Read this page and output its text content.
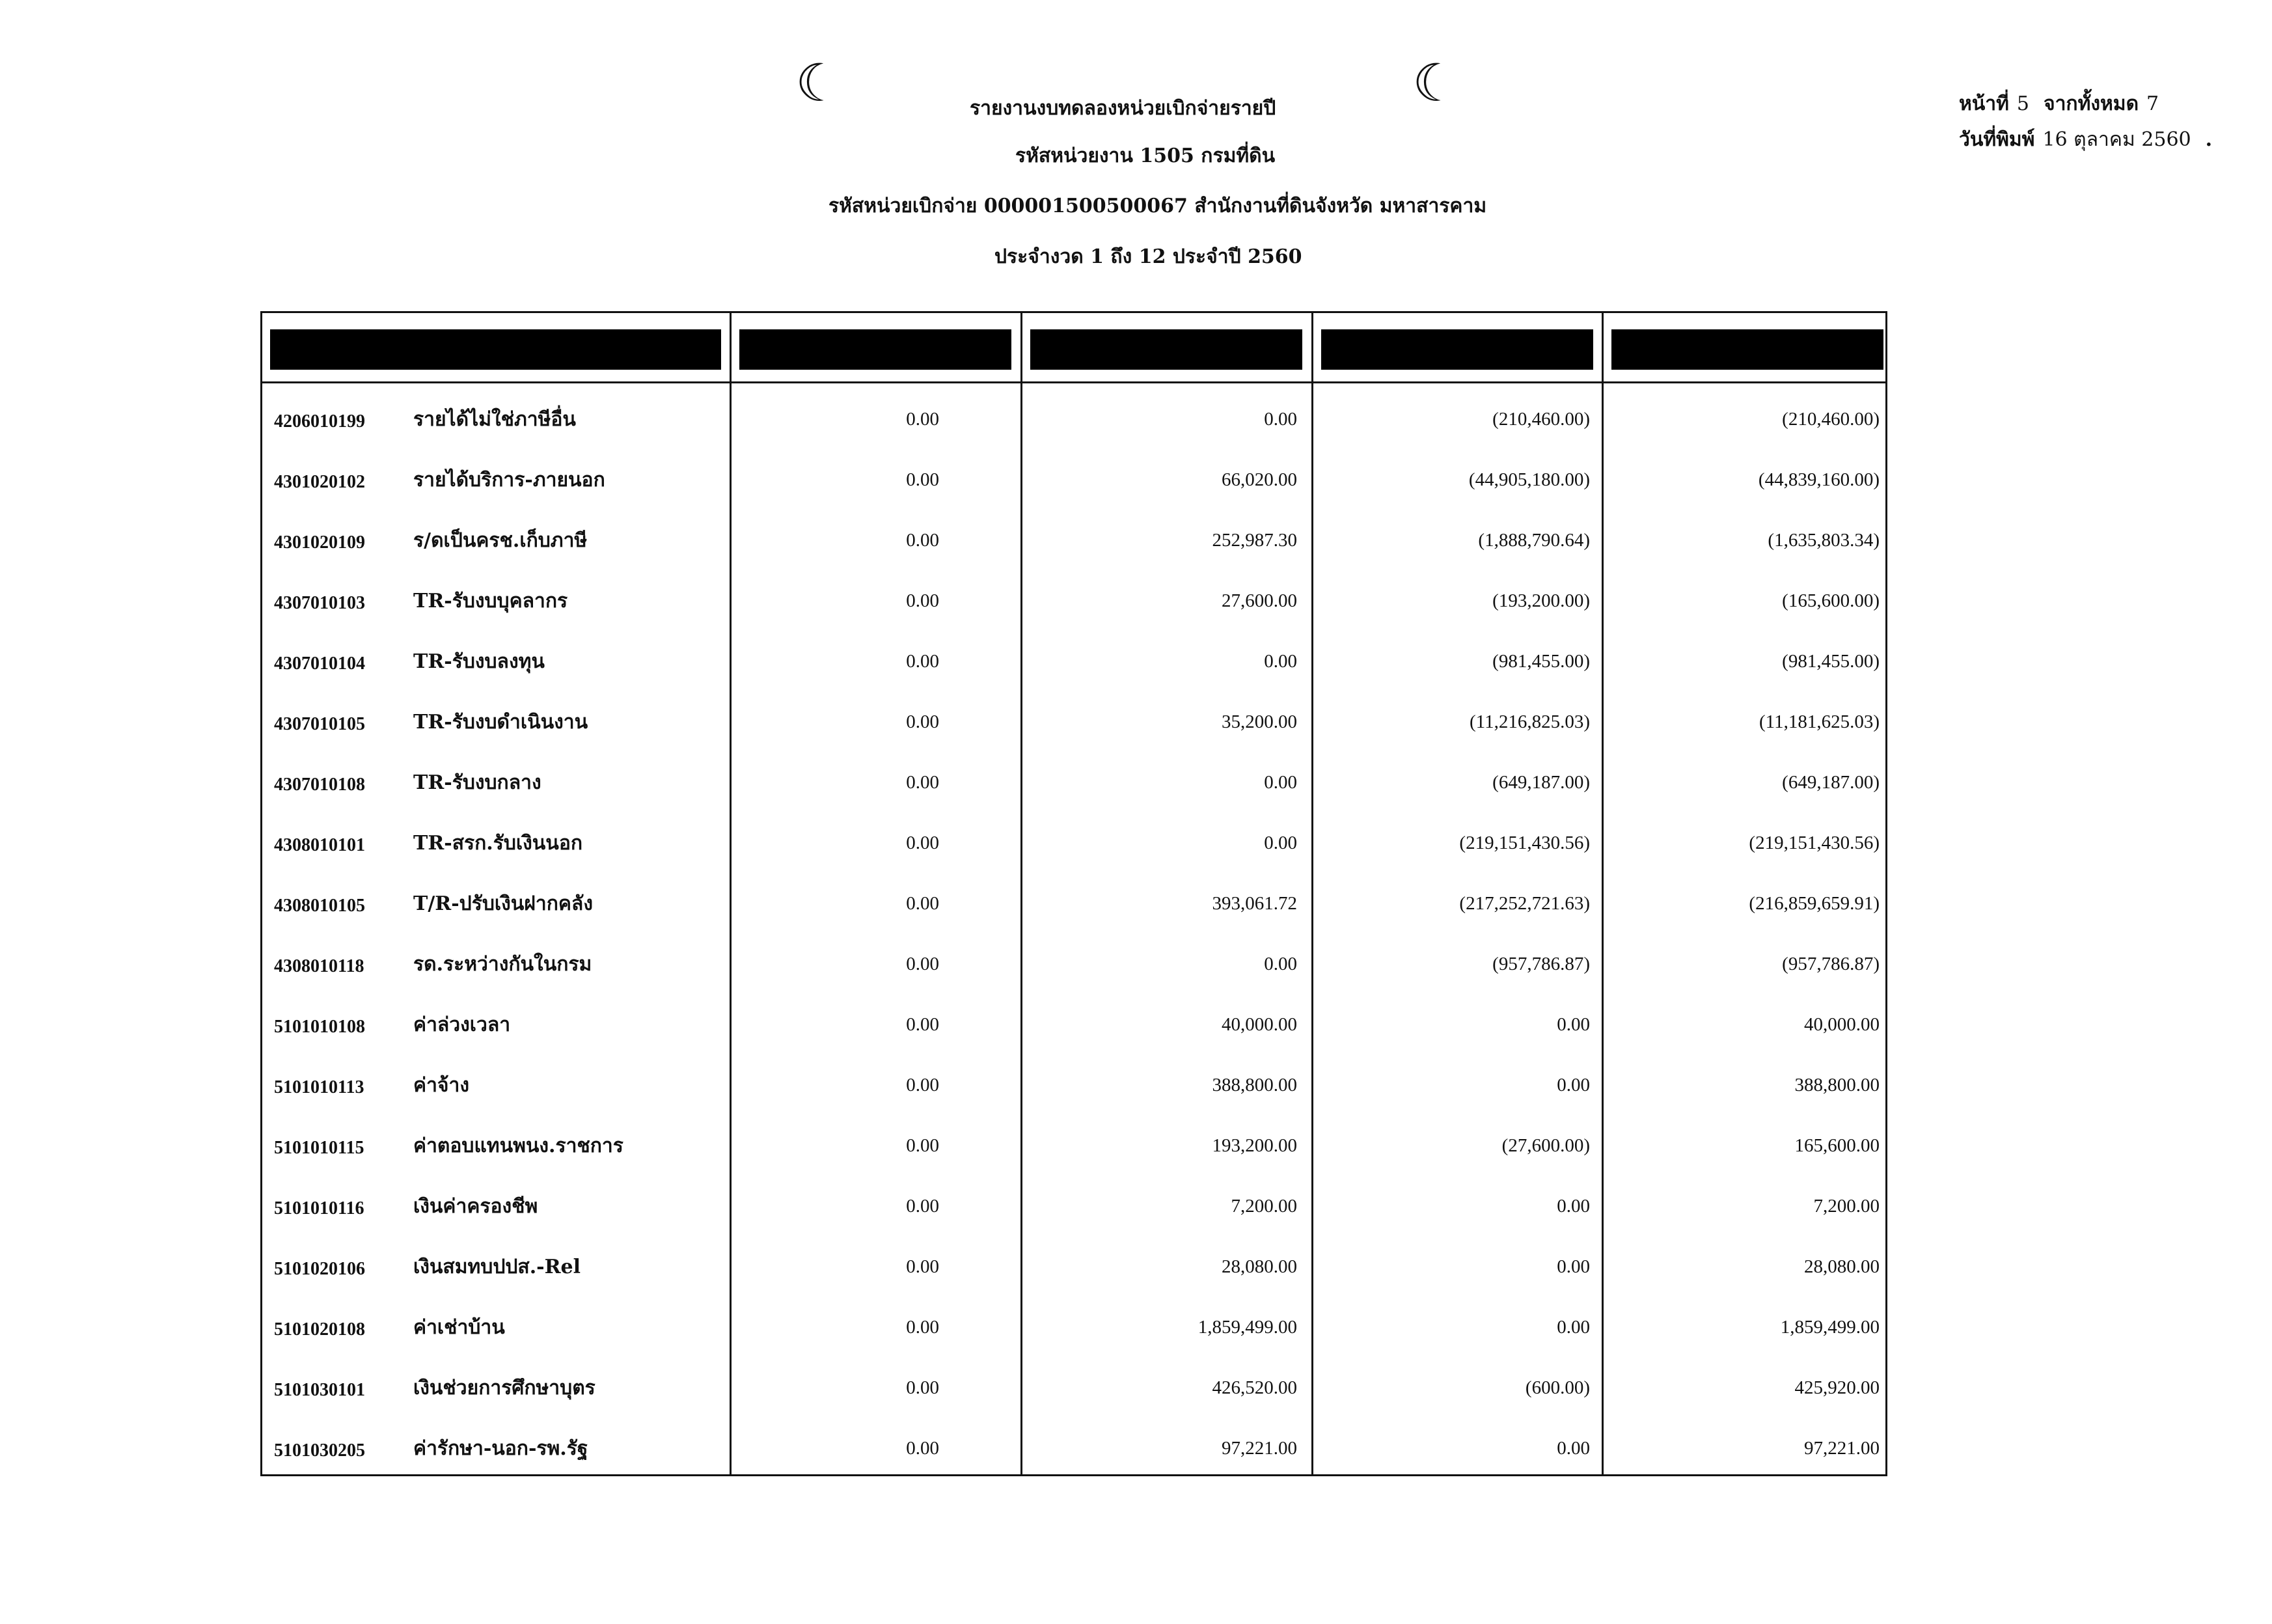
☾	☾
รายงานงบทดลองหน่วยเบิกจ่ายรายปี
รหัสหน่วยงาน 1505 กรมที่ดิน
รหัสหน่วยเบิกจ่าย 000001500500067 สำนักงานที่ดินจังหวัด มหาสารคาม
ประจำงวด 1 ถึง 12 ประจำปี 2560
หน้าที่ 5 จากทั้งหมด 7
วันที่พิมพ์ 16 ตุลาคม 2560 .
4206010199 รายได้ไม่ใช่ภาษีอื่น	0.00	0.00	(210,460.00)	(210,460.00)
4301020102 รายได้บริการ-ภายนอก	0.00	66,020.00	(44,905,180.00)	(44,839,160.00)
4301020109 ร/ดเป็นครช.เก็บภาษี	0.00	252,987.30	(1,888,790.64)	(1,635,803.34)
4307010103 TR-รับงบบุคลากร	0.00	27,600.00	(193,200.00)	(165,600.00)
4307010104 TR-รับงบลงทุน	0.00	0.00	(981,455.00)	(981,455.00)
4307010105 TR-รับงบดำเนินงาน	0.00	35,200.00	(11,216,825.03)	(11,181,625.03)
4307010108 TR-รับงบกลาง	0.00	0.00	(649,187.00)	(649,187.00)
4308010101 TR-สรก.รับเงินนอก	0.00	0.00	(219,151,430.56)	(219,151,430.56)
4308010105 T/R-ปรับเงินฝากคลัง	0.00	393,061.72	(217,252,721.63)	(216,859,659.91)
4308010118	รด.ระหว่างกันในกรม	0.00	0.00	(957,786.87)	(957,786.87)
5101010108 ค่าล่วงเวลา	0.00	40,000.00	0.00	40,000.00
5101010113	ค่าจ้าง	0.00	388,800.00	0.00	388,800.00
5101010115	ค่าตอบแทนพนง.ราชการ	0.00	193,200.00	(27,600.00)	165,600.00
5101010116	เงินค่าครองชีพ	0.00	7,200.00	0.00	7,200.00
5101020106 เงินสมทบปปส.-Rel	0.00	28,080.00	0.00	28,080.00
5101020108 ค่าเช่าบ้าน	0.00	1,859,499.00	0.00	1,859,499.00
5101030101 เงินช่วยการศึกษาบุตร	0.00	426,520.00	(600.00)	425,920.00
5101030205 ค่ารักษา-นอก-รพ.รัฐ	0.00	97,221.00	0.00	97,221.00
